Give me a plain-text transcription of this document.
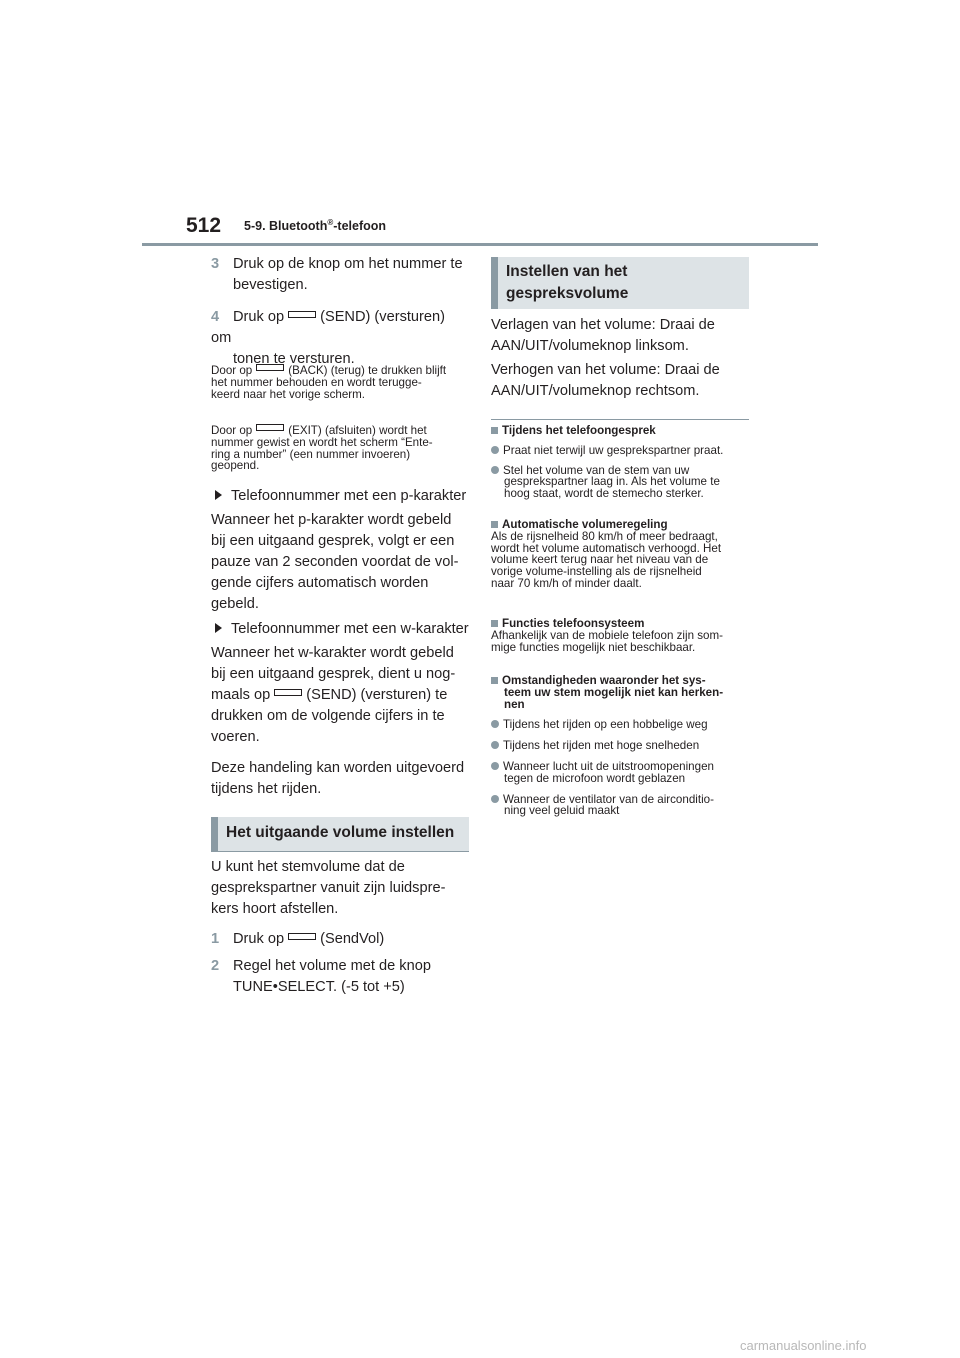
512 5-9. Bluetooth®-telefoon

3 Druk op de knop om het nummer te

bevestigen.

4 Druk op (SEND) (versturen) om

tonen te versturen.

Door op	(BACK) (terug) te drukken blijft

het nummer behouden en wordt terugge-

keerd naar het vorige scherm.

Door op	(EXIT) (afsluiten) wordt het

nummer gewist en wordt het scherm “Ente-

ring a number” (een nummer invoeren)

geopend.

Telefoonnummer met een p-karakter

Wanneer het p-karakter wordt gebeld

bij een uitgaand gesprek, volgt er een

pauze van 2 seconden voordat de vol-

gende cijfers automatisch worden

gebeld.

Telefoonnummer met een w-karakter

Wanneer het w-karakter wordt gebeld

bij een uitgaand gesprek, dient u nog-

maals op (SEND) (versturen) te

drukken om de volgende cijfers in te

voeren.

Deze handeling kan worden uitgevoerd

tijdens het rijden.

Het uitgaande volume instellen

U kunt het stemvolume dat de

gesprekspartner vanuit zijn luidspre-

kers hoort afstellen.

1 Druk op (SendVol)

2 Regel het volume met de knop

TUNE•SELECT. (-5 tot +5)

Instellen van het
gespreksvolume

Verlagen van het volume: Draai de

AAN/UIT/volumeknop linksom.

Verhogen van het volume: Draai de

AAN/UIT/volumeknop rechtsom.

Tijdens het telefoongesprek

Praat niet terwijl uw gesprekspartner praat.

Stel het volume van de stem van uw

gesprekspartner laag in. Als het volume te

hoog staat, wordt de stemecho sterker.

Automatische volumeregeling

Als de rijsnelheid 80 km/h of meer bedraagt,

wordt het volume automatisch verhoogd. Het

volume keert terug naar het niveau van de

vorige volume-instelling als de rijsnelheid

naar 70 km/h of minder daalt.

Functies telefoonsysteem

Afhankelijk van de mobiele telefoon zijn som-

mige functies mogelijk niet beschikbaar.

Omstandigheden waaronder het sys-

teem uw stem mogelijk niet kan herken-

nen

Tijdens het rijden op een hobbelige weg

Tijdens het rijden met hoge snelheden

Wanneer lucht uit de uitstroomopeningen

tegen de microfoon wordt geblazen

Wanneer de ventilator van de airconditio-

ning veel geluid maakt

carmanualsonline.info
